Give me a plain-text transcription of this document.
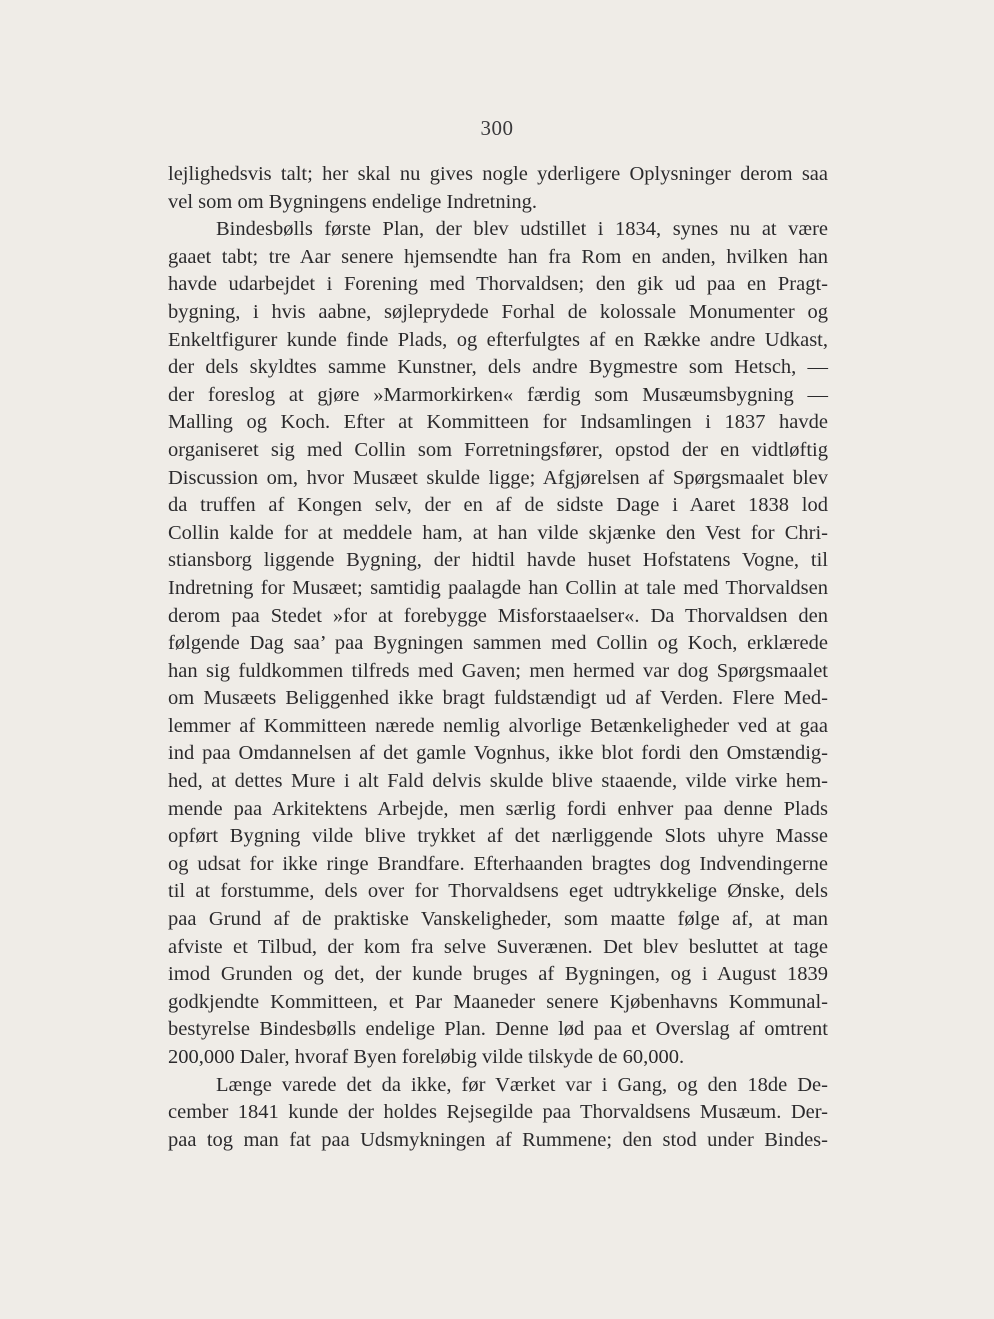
300
lejlighedsvis talt; her skal nu gives nogle yderligere Oplysninger derom saa
vel som om Bygningens endelige Indretning.
Bindesbølls første Plan, der blev udstillet i 1834, synes nu at være
gaaet tabt; tre Aar senere hjemsendte han fra Rom en anden, hvilken han
havde udarbejdet i Forening med Thorvaldsen; den gik ud paa en Pragt-
bygning, i hvis aabne, søjleprydede Forhal de kolossale Monumenter og
Enkeltfigurer kunde finde Plads, og efterfulgtes af en Række andre Udkast,
der dels skyldtes samme Kunstner, dels andre Bygmestre som Hetsch, —
der foreslog at gjøre »Marmorkirken« færdig som Musæumsbygning —
Malling og Koch. Efter at Kommitteen for Indsamlingen i 1837 havde
organiseret sig med Collin som Forretningsfører, opstod der en vidtløftig
Discussion om, hvor Musæet skulde ligge; Afgjørelsen af Spørgsmaalet blev
da truffen af Kongen selv, der en af de sidste Dage i Aaret 1838 lod
Collin kalde for at meddele ham, at han vilde skjænke den Vest for Chri-
stiansborg liggende Bygning, der hidtil havde huset Hofstatens Vogne, til
Indretning for Musæet; samtidig paalagde han Collin at tale med Thorvaldsen
derom paa Stedet »for at forebygge Misforstaaelser«. Da Thorvaldsen den
følgende Dag saa’ paa Bygningen sammen med Collin og Koch, erklærede
han sig fuldkommen tilfreds med Gaven; men hermed var dog Spørgsmaalet
om Musæets Beliggenhed ikke bragt fuldstændigt ud af Verden. Flere Med-
lemmer af Kommitteen nærede nemlig alvorlige Betænkeligheder ved at gaa
ind paa Omdannelsen af det gamle Vognhus, ikke blot fordi den Omstændig-
hed, at dettes Mure i alt Fald delvis skulde blive staaende, vilde virke hem-
mende paa Arkitektens Arbejde, men særlig fordi enhver paa denne Plads
opført Bygning vilde blive trykket af det nærliggende Slots uhyre Masse
og udsat for ikke ringe Brandfare. Efterhaanden bragtes dog Indvendingerne
til at forstumme, dels over for Thorvaldsens eget udtrykkelige Ønske, dels
paa Grund af de praktiske Vanskeligheder, som maatte følge af, at man
afviste et Tilbud, der kom fra selve Suverænen. Det blev besluttet at tage
imod Grunden og det, der kunde bruges af Bygningen, og i August 1839
godkjendte Kommitteen, et Par Maaneder senere Kjøbenhavns Kommunal-
bestyrelse Bindesbølls endelige Plan. Denne lød paa et Overslag af omtrent
200,000 Daler, hvoraf Byen foreløbig vilde tilskyde de 60,000.
Længe varede det da ikke, før Værket var i Gang, og den 18de De-
cember 1841 kunde der holdes Rejsegilde paa Thorvaldsens Musæum. Der-
paa tog man fat paa Udsmykningen af Rummene; den stod under Bindes-
